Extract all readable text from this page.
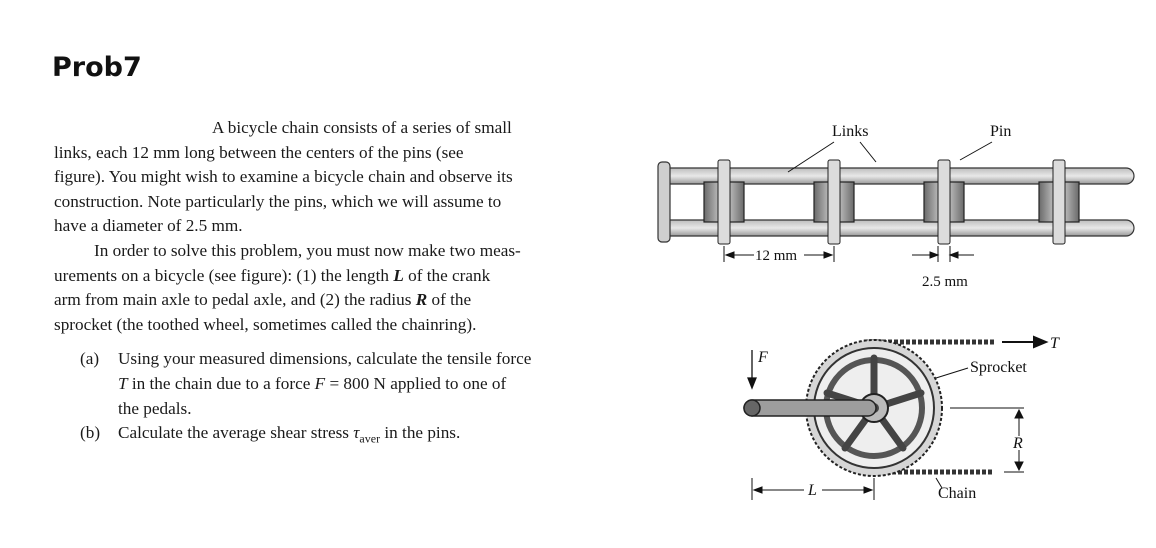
Prob7
A bicycle chain consists of a series of small
links, each 12 mm long between the centers of the pins (see
figure). You might wish to examine a bicycle chain and observe its
construction. Note particularly the pins, which we will assume to
have a diameter of 2.5 mm.
In order to solve this problem, you must now make two meas-
urements on a bicycle (see figure): (1) the length L of the crank
arm from main axle to pedal axle, and (2) the radius R of the
sprocket (the toothed wheel, sometimes called the chainring).
(a) Using your measured dimensions, calculate the tensile force
T in the chain due to a force F = 800 N applied to one of
the pedals.
(b) Calculate the average shear stress $\tau_{aver}$ in the pins.
Links	Pin
12 mm
2.5 mm
T
F
Sprocket
R
Chain
L
